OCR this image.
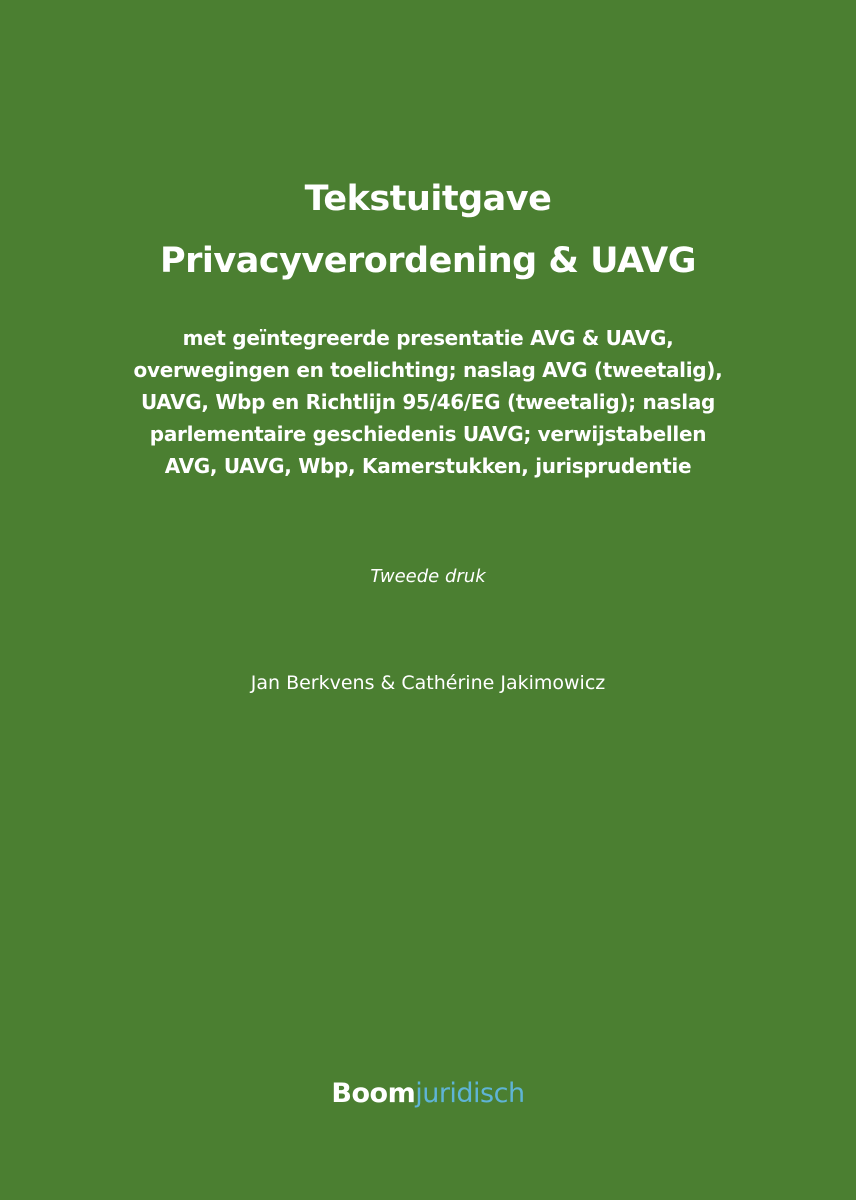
Tekstuitgave
Privacyverordening & UAVG
met geïntegreerde presentatie AVG & UAVG,
overwegingen en toelichting; naslag AVG (tweetalig),
UAVG, Wbp en Richtlijn 95/46/EG (tweetalig); naslag
parlementaire geschiedenis UAVG; verwijstabellen
AVG, UAVG, Wbp, Kamerstukken, jurisprudentie
Tweede druk
Jan Berkvens & Cathérine Jakimowicz
Boomjuridisch
